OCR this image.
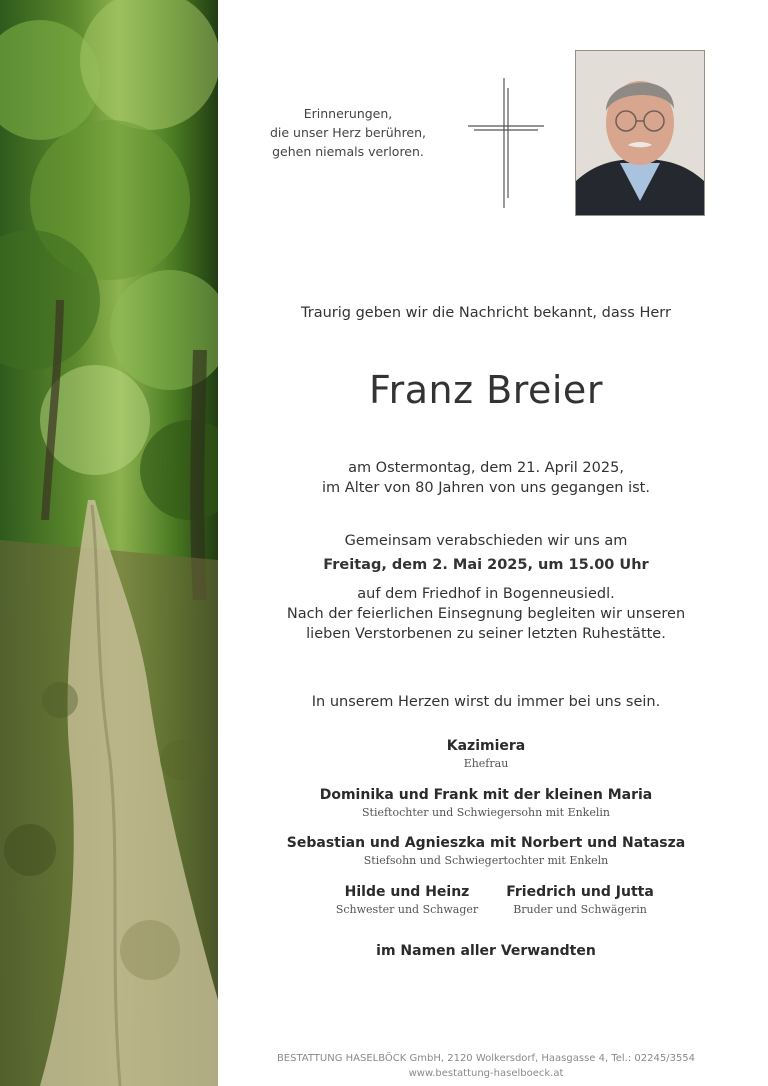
Erinnerungen,
die unser Herz berühren,
gehen niemals verloren.
Traurig geben wir die Nachricht bekannt, dass Herr
Franz Breier
am Ostermontag, dem 21. April 2025,
im Alter von 80 Jahren von uns gegangen ist.
Gemeinsam verabschieden wir uns am
Freitag, dem 2. Mai 2025, um 15.00 Uhr
auf dem Friedhof in Bogenneusiedl.
Nach der feierlichen Einsegnung begleiten wir unseren
lieben Verstorbenen zu seiner letzten Ruhestätte.
In unserem Herzen wirst du immer bei uns sein.
Kazimiera
Ehefrau
Dominika und Frank mit der kleinen Maria
Stieftochter und Schwiegersohn mit Enkelin
Sebastian und Agnieszka mit Norbert und Natasza
Stiefsohn und Schwiegertochter mit Enkeln
Hilde und Heinz
Schwester und Schwager
Friedrich und Jutta
Bruder und Schwägerin
im Namen aller Verwandten
BESTATTUNG HASELBÖCK GmbH, 2120 Wolkersdorf, Haasgasse 4, Tel.: 02245/3554
www.bestattung-haselboeck.at
